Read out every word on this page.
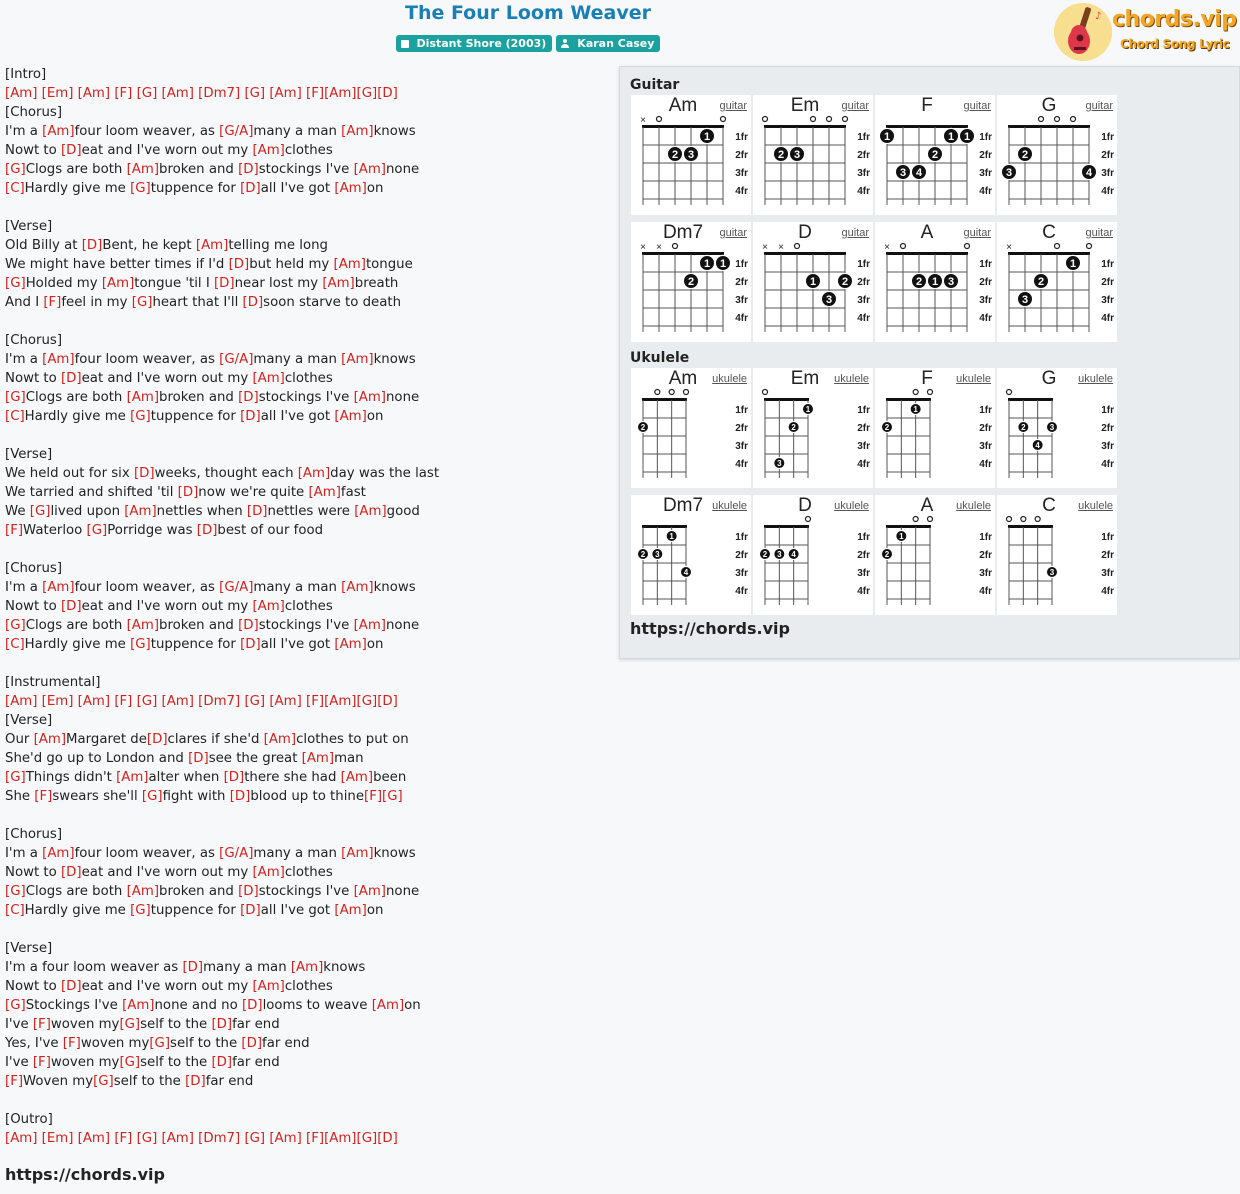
The Four Loom Weaver
Distant Shore (2003)	Karan Casey
♪ chords.vip
Chord Song Lyric
[Intro]
[Am] [Em] [Am] [F] [G] [Am] [Dm7] [G] [Am] [F][Am][G][D]
[Chorus]
I'm a [Am]four loom weaver, as [G/A]many a man [Am]knows
Nowt to [D]eat and I've worn out my [Am]clothes
[G]Clogs are both [Am]broken and [D]stockings I've [Am]none
[C]Hardly give me [G]tuppence for [D]all I've got [Am]on
[Verse]
Old Billy at [D]Bent, he kept [Am]telling me long
We might have better times if I'd [D]but held my [Am]tongue
[G]Holded my [Am]tongue 'til I [D]near lost my [Am]breath
And I [F]feel in my [G]heart that I'll [D]soon starve to death
[Chorus]
I'm a [Am]four loom weaver, as [G/A]many a man [Am]knows
Nowt to [D]eat and I've worn out my [Am]clothes
[G]Clogs are both [Am]broken and [D]stockings I've [Am]none
[C]Hardly give me [G]tuppence for [D]all I've got [Am]on
[Verse]
We held out for six [D]weeks, thought each [Am]day was the last
We tarried and shifted 'til [D]now we're quite [Am]fast
We [G]lived upon [Am]nettles when [D]nettles were [Am]good
[F]Waterloo [G]Porridge was [D]best of our food
[Chorus]
I'm a [Am]four loom weaver, as [G/A]many a man [Am]knows
Nowt to [D]eat and I've worn out my [Am]clothes
[G]Clogs are both [Am]broken and [D]stockings I've [Am]none
[C]Hardly give me [G]tuppence for [D]all I've got [Am]on
[Instrumental]
[Am] [Em] [Am] [F] [G] [Am] [Dm7] [G] [Am] [F][Am][G][D]
[Verse]
Our [Am]Margaret de[D]clares if she'd [Am]clothes to put on
She'd go up to London and [D]see the great [Am]man
[G]Things didn't [Am]alter when [D]there she had [Am]been
She [F]swears she'll [G]fight with [D]blood up to thine[F][G]
[Chorus]
I'm a [Am]four loom weaver, as [G/A]many a man [Am]knows
Nowt to [D]eat and I've worn out my [Am]clothes
[G]Clogs are both [Am]broken and [D]stockings I've [Am]none
[C]Hardly give me [G]tuppence for [D]all I've got [Am]on
[Verse]
I'm a four loom weaver as [D]many a man [Am]knows
Nowt to [D]eat and I've worn out my [Am]clothes
[G]Stockings I've [Am]none and no [D]looms to weave [Am]on
I've [F]woven my[G]self to the [D]far end
Yes, I've [F]woven my[G]self to the [D]far end
I've [F]woven my[G]self to the [D]far end
[F]Woven my[G]self to the [D]far end
[Outro]
[Am] [Em] [Am] [F] [G] [Am] [Dm7] [G] [Am] [F][Am][G][D]
https://chords.vip
Guitar
Ukulele
https://chords.vip
1fr
2fr
3fr
4fr
×
1
2 3
Am	guitar
1fr
2fr
3fr
4fr
2 3
Em	guitar
1fr
2fr
3fr
4fr
1	1 1
2
3 4
F	guitar
1fr
2fr
3fr
4fr
2
3	4
G	guitar
1fr
2fr
3fr
4fr
× ×
1 1
2
Dm7	guitar
1fr
2fr
3fr
4fr
× ×
1 2
3
D	guitar
1fr
2fr
3fr
4fr
×
2 1 3
A	guitar
1fr
2fr
3fr
4fr
×
1
2
3
C	guitar
1fr
2fr
3fr
4fr
2
Am	ukulele
1fr
2fr
3fr
4fr
1
2
3
Em	ukulele
1fr
2fr
3fr
4fr
1
2
F	ukulele
1fr
2fr
3fr
4fr
2	3
4
G	ukulele
1fr
2fr
3fr
4fr
1
2 3
4
Dm7 ukulele
1fr
2fr
3fr
4fr
2 3 4
D	ukulele
1fr
2fr
3fr
4fr
1
2
A	ukulele
1fr
2fr
3fr
4fr
3
C	ukulele
